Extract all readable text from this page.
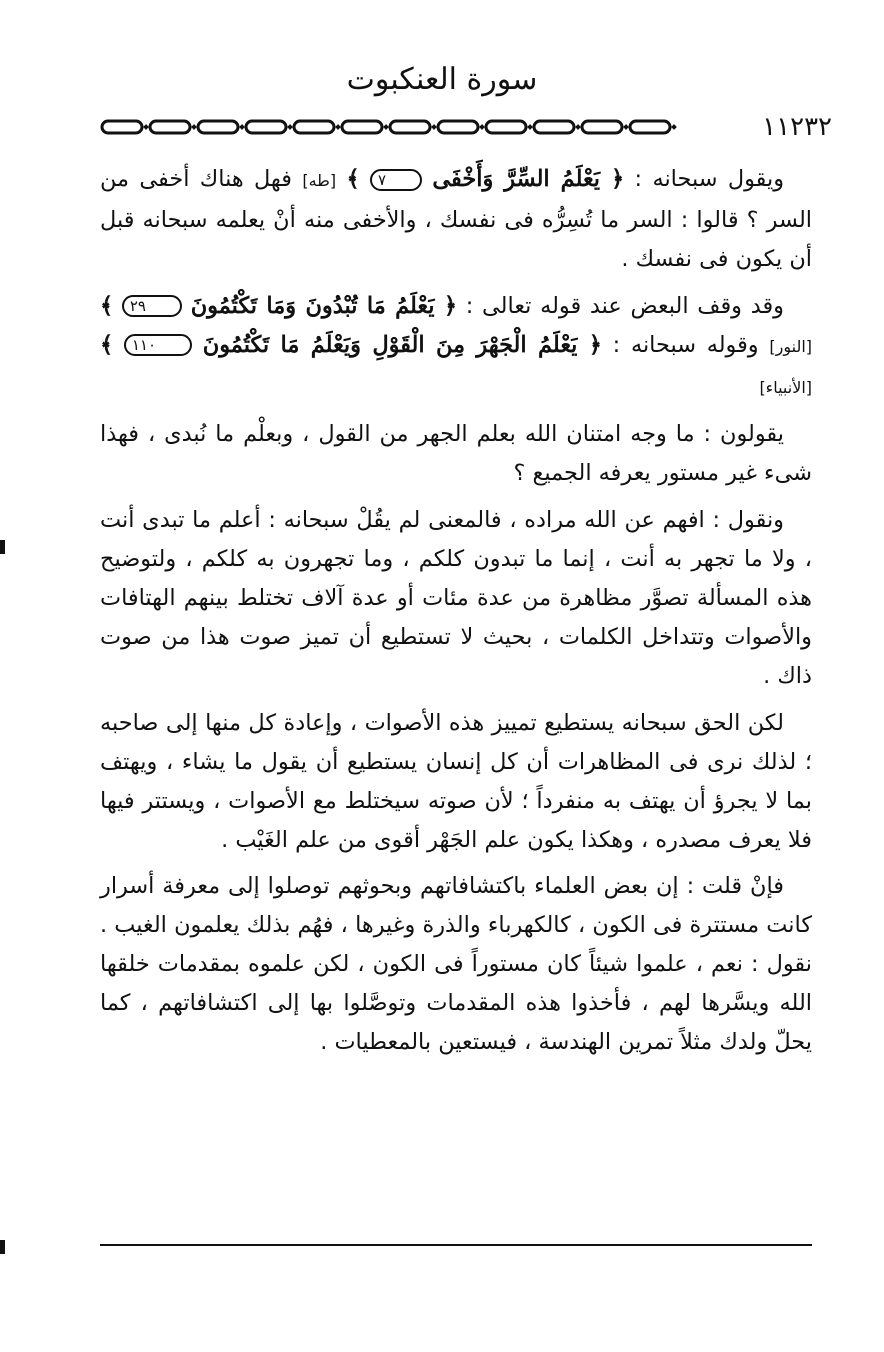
سورة العنكبوت
١١٢٣٢

ويقول سبحانه : ﴿ يَعْلَمُ السِّرَّ وَأَخْفَى ٧ ﴾ [طه] فهل هناك أخفى من السر ؟ قالوا : السر ما تُسِرُّه فى نفسك ، والأخفى منه أنْ يعلمه سبحانه قبل أن يكون فى نفسك .

وقد وقف البعض عند قوله تعالى : ﴿ يَعْلَمُ مَا تُبْدُونَ وَمَا تَكْتُمُونَ ٢٩ ﴾ [النور] وقوله سبحانه : ﴿ يَعْلَمُ الْجَهْرَ مِنَ الْقَوْلِ وَيَعْلَمُ مَا تَكْتُمُونَ ١١٠ ﴾ [الأنبياء]

يقولون : ما وجه امتنان الله بعلم الجهر من القول ، وبعلْم ما نُبدى ، فهذا شىء غير مستور يعرفه الجميع ؟

ونقول : افهم عن الله مراده ، فالمعنى لم يقُلْ سبحانه : أعلم ما تبدى أنت ، ولا ما تجهر به أنت ، إنما ما تبدون كلكم ، وما تجهرون به كلكم ، ولتوضيح هذه المسألة تصوَّر مظاهرة من عدة مئات أو عدة آلاف تختلط بينهم الهتافات والأصوات وتتداخل الكلمات ، بحيث لا تستطيع أن تميز صوت هذا من صوت ذاك .

لكن الحق سبحانه يستطيع تمييز هذه الأصوات ، وإعادة كل منها إلى صاحبه ؛ لذلك نرى فى المظاهرات أن كل إنسان يستطيع أن يقول ما يشاء ، ويهتف بما لا يجرؤ أن يهتف به منفرداً ؛ لأن صوته سيختلط مع الأصوات ، ويستتر فيها فلا يعرف مصدره ، وهكذا يكون علم الجَهْر أقوى من علم الغَيْب .

فإنْ قلت : إن بعض العلماء باكتشافاتهم وبحوثهم توصلوا إلى معرفة أسرار كانت مستترة فى الكون ، كالكهرباء والذرة وغيرها ، فهُم بذلك يعلمون الغيب . نقول : نعم ، علموا شيئاً كان مستوراً فى الكون ، لكن علموه بمقدمات خلقها الله ويسَّرها لهم ، فأخذوا هذه المقدمات وتوصَّلوا بها إلى اكتشافاتهم ، كما يحلّ ولدك مثلاً تمرين الهندسة ، فيستعين بالمعطيات .
